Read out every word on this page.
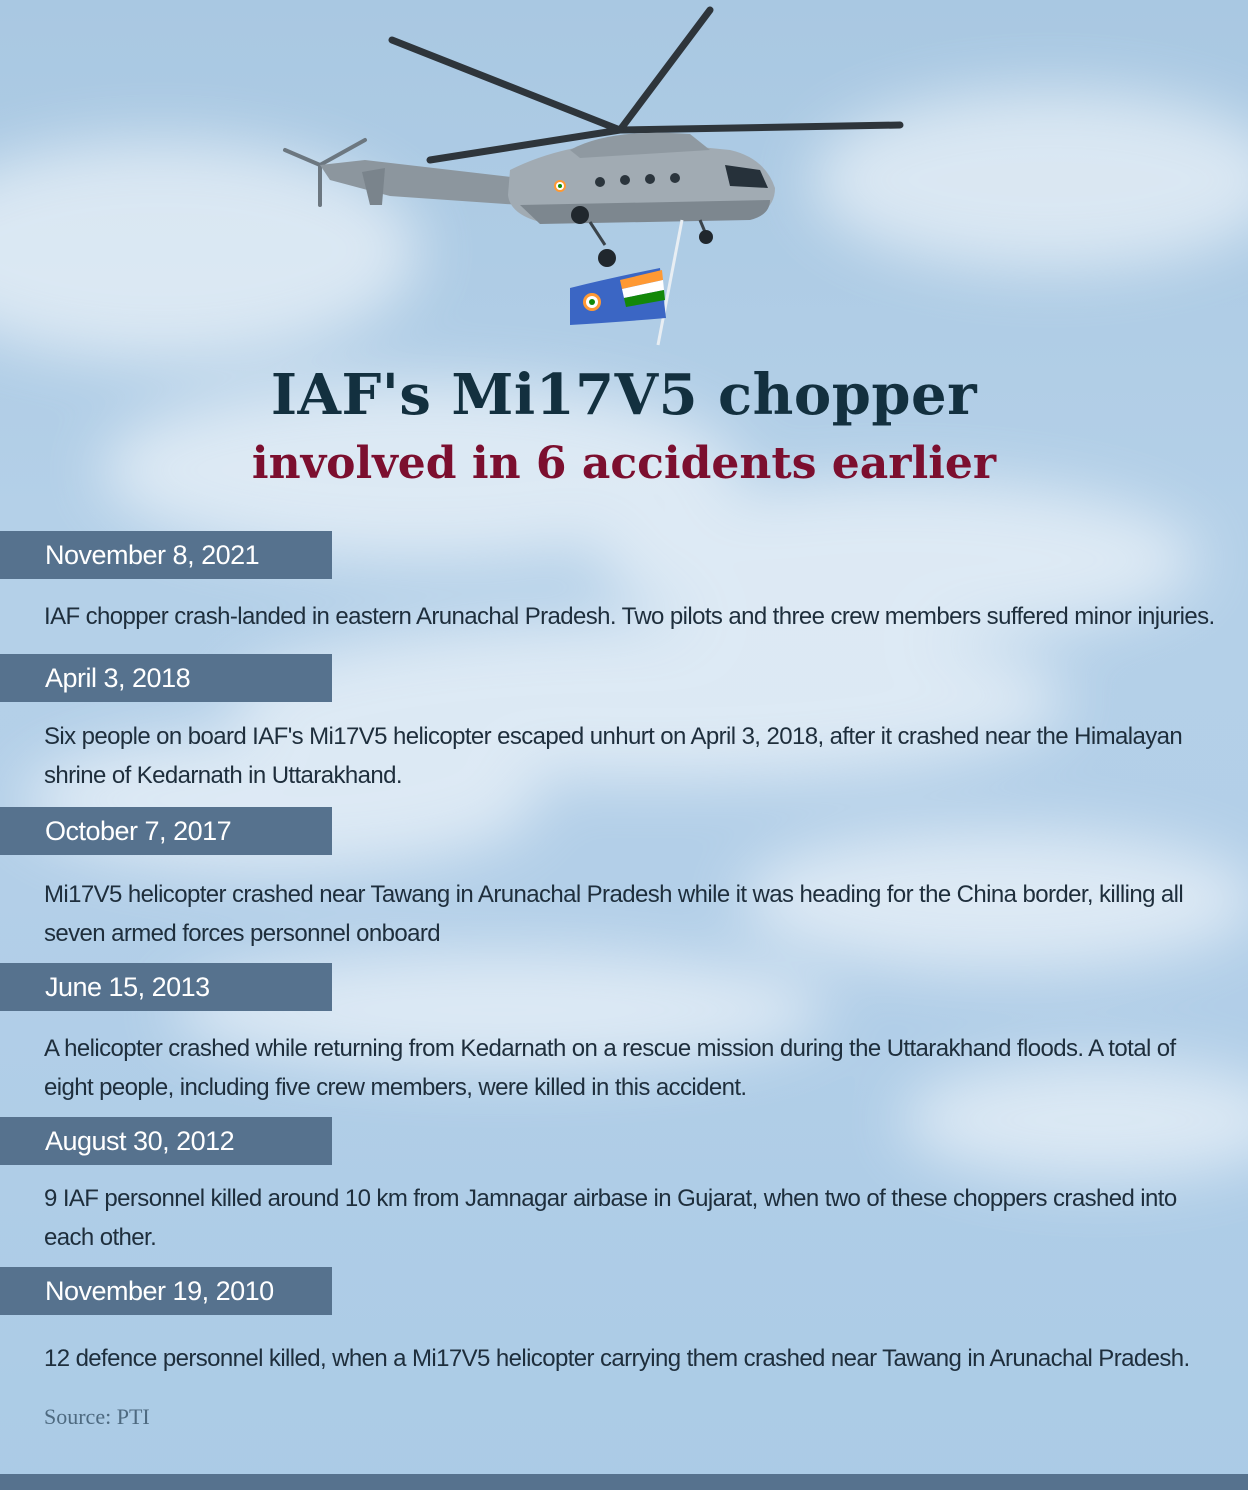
IAF's Mi17V5 chopper
involved in 6 accidents earlier
November 8, 2021
IAF chopper crash-landed in eastern Arunachal Pradesh. Two pilots and three crew members suffered minor injuries.
April 3, 2018
Six people on board IAF's Mi17V5 helicopter escaped unhurt on April 3, 2018, after it crashed near the Himalayan shrine of Kedarnath in Uttarakhand.
October 7, 2017
Mi17V5 helicopter crashed near Tawang in Arunachal Pradesh while it was heading for the China border, killing all seven armed forces personnel onboard
June 15, 2013
A helicopter crashed while returning from Kedarnath on a rescue mission during the Uttarakhand floods. A total of eight people, including five crew members, were killed in this accident.
August 30, 2012
9 IAF personnel killed around 10 km from Jamnagar airbase in Gujarat, when two of these choppers crashed into each other.
November 19, 2010
12 defence personnel killed, when a Mi17V5 helicopter carrying them crashed near Tawang in Arunachal Pradesh.
Source: PTI
